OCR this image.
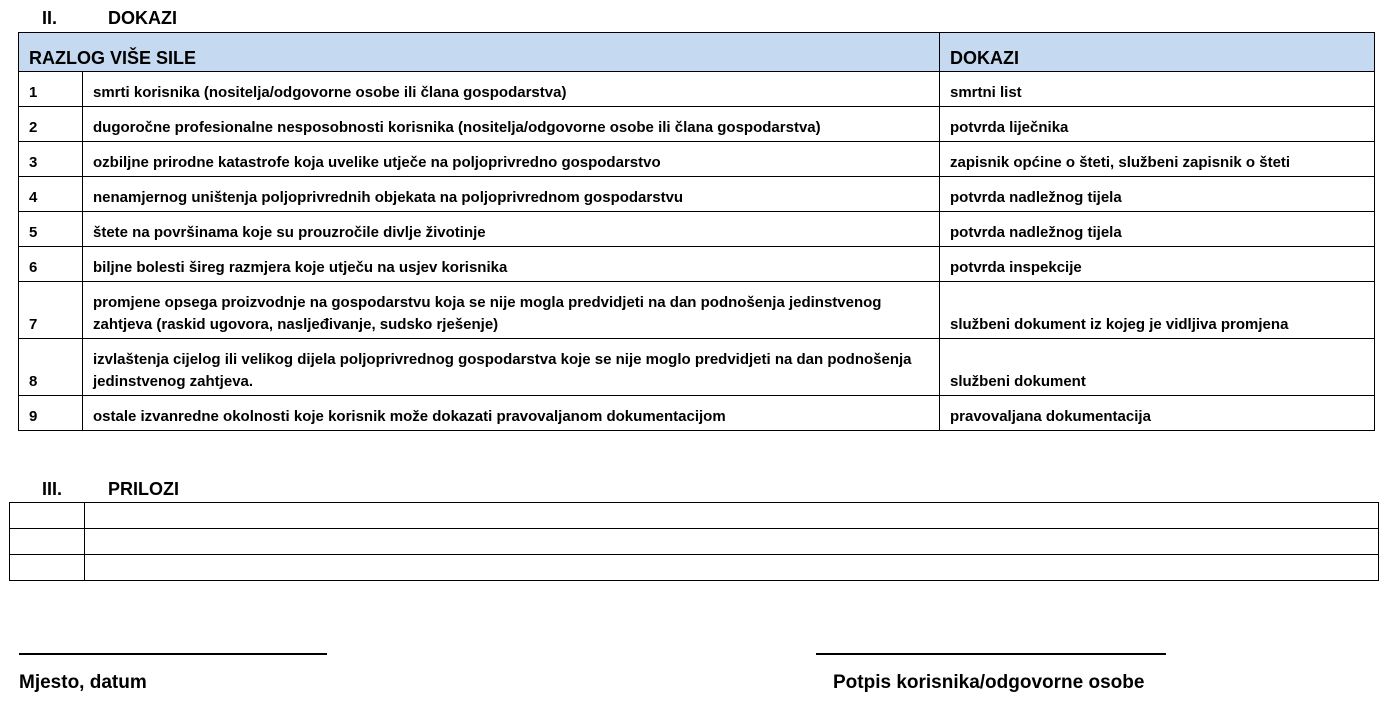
II.	DOKAZI
RAZLOG VIŠE SILE		DOKAZI
1	smrti korisnika (nositelja/odgovorne osobe ili člana gospodarstva)	smrtni list
2	dugoročne profesionalne nesposobnosti korisnika (nositelja/odgovorne osobe ili člana gospodarstva)	potvrda liječnika
3	ozbiljne prirodne katastrofe koja uvelike utječe na poljoprivredno gospodarstvo	zapisnik općine o šteti, službeni zapisnik o šteti
4	nenamjernog uništenja poljoprivrednih objekata na poljoprivrednom gospodarstvu	potvrda nadležnog tijela
5	štete na površinama koje su prouzročile divlje životinje	potvrda nadležnog tijela
6	biljne bolesti šireg razmjera koje utječu na usjev korisnika	potvrda inspekcije
7	promjene opsega proizvodnje na gospodarstvu koja se nije mogla predvidjeti na dan podnošenja jedinstvenog zahtjeva (raskid ugovora, nasljeđivanje, sudsko rješenje)	službeni dokument iz kojeg je vidljiva promjena
8	izvlaštenja cijelog ili velikog dijela poljoprivrednog gospodarstva koje se nije moglo predvidjeti na dan podnošenja jedinstvenog zahtjeva.	službeni dokument
9	ostale izvanredne okolnosti koje korisnik može dokazati pravovaljanom dokumentacijom	pravovaljana dokumentacija
III.	PRILOZI

Mjesto, datum	Potpis korisnika/odgovorne osobe
